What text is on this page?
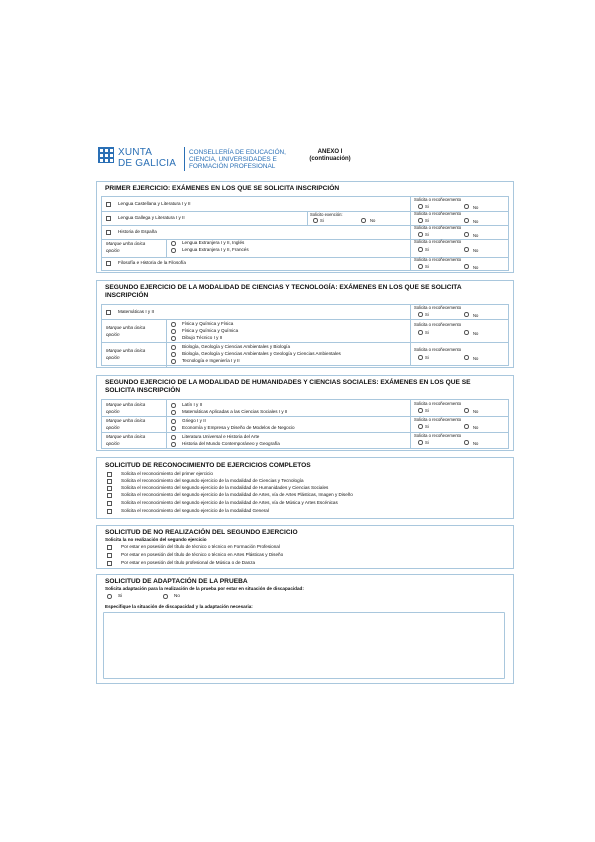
XUNTA
DE GALICIA
CONSELLERÍA DE EDUCACIÓN,
CIENCIA, UNIVERSIDADES E
FORMACIÓN PROFESIONAL
ANEXO I
(continuación)
PRIMER EJERCICIO: EXÁMENES EN LOS QUE SE SOLICITA INSCRIPCIÓN
Lengua Castellana y Literatura I y II
Solicita o recoñecemento
Si	No
Lengua Gallega y Literatura I y II
Solicito exención:
Si	No
Solicita o recoñecemento
Si	No
Historia de España
Solicita o recoñecemento
Si	No
Marque unha única
opción
Lengua Extranjera I y II, Inglés
Lengua Extranjera I y II, Francés
Solicita o recoñecemento
Si	No
Filosofía e Historia de la Filosofía
Solicita o recoñecemento
Si	No
SEGUNDO EJERCICIO DE LA MODALIDAD DE CIENCIAS Y TECNOLOGÍA: EXÁMENES EN LOS QUE SE SOLICITA
INSCRIPCIÓN
Matemáticas I y II
Solicita o recoñecemento
Si	No
Marque unha única
opción
Física y Química y Física
Física y Química y Química
Dibujo Técnico I y II
Solicita o recoñecemento
Si	No
Marque unha única
opción
Biología, Geología y Ciencias Ambientales y Biología
Biología, Geología y Ciencias Ambientales y Geología y Ciencias Ambientales
Tecnología e Ingeniería I y II
Solicita o recoñecemento
Si	No
SEGUNDO EJERCICIO DE LA MODALIDAD DE HUMANIDADES Y CIENCIAS SOCIALES: EXÁMENES EN LOS QUE SE
SOLICITA INSCRIPCIÓN
Marque unha única
opción
Latín I y II
Matemáticas Aplicadas a las Ciencias Sociales I y II
Solicita o recoñecemento
Si	No
Marque unha única
opción
Griego I y II
Economía y Empresa y Diseño de Modelos de Negocio
Solicita o recoñecemento
Si	No
Marque unha única
opción
Literatura Universal e Historia del Arte
Historia del Mundo Contemporáneo y Geografía
Solicita o recoñecemento
Si	No
SOLICITUD DE RECONOCIMIENTO DE EJERCICIOS COMPLETOS
Solicita el reconocimiento del primer ejercicio
Solicita el reconocimiento del segundo ejercicio de la modalidad de Ciencias y Tecnología
Solicita el reconocimiento del segundo ejercicio de la modalidad de Humanidades y Ciencias Sociales
Solicita el reconocimiento del segundo ejercicio de la modalidad de Artes, vía de Artes Plásticas, Imagen y Diseño
Solicita el reconocimiento del segundo ejercicio de la modalidad de Artes, vía de Música y Artes Escénicas
Solicita el reconocimiento del segundo ejercicio de la modalidad General
SOLICITUD DE NO REALIZACIÓN DEL SEGUNDO EJERCICIO
Solicita la no realización del segundo ejercicio
Por estar en posesión del título de técnico o técnico en Formación Profesional
Por estar en posesión del título de técnico o técnico en Artes Plásticas y Diseño
Por estar en posesión del título profesional de Música o de Danza
SOLICITUD DE ADAPTACIÓN DE LA PRUEBA
Solicita adaptación para la realización de la prueba por estar en situación de discapacidad:
Si	No
Especifique la situación de discapacidad y la adaptación necesaria:
